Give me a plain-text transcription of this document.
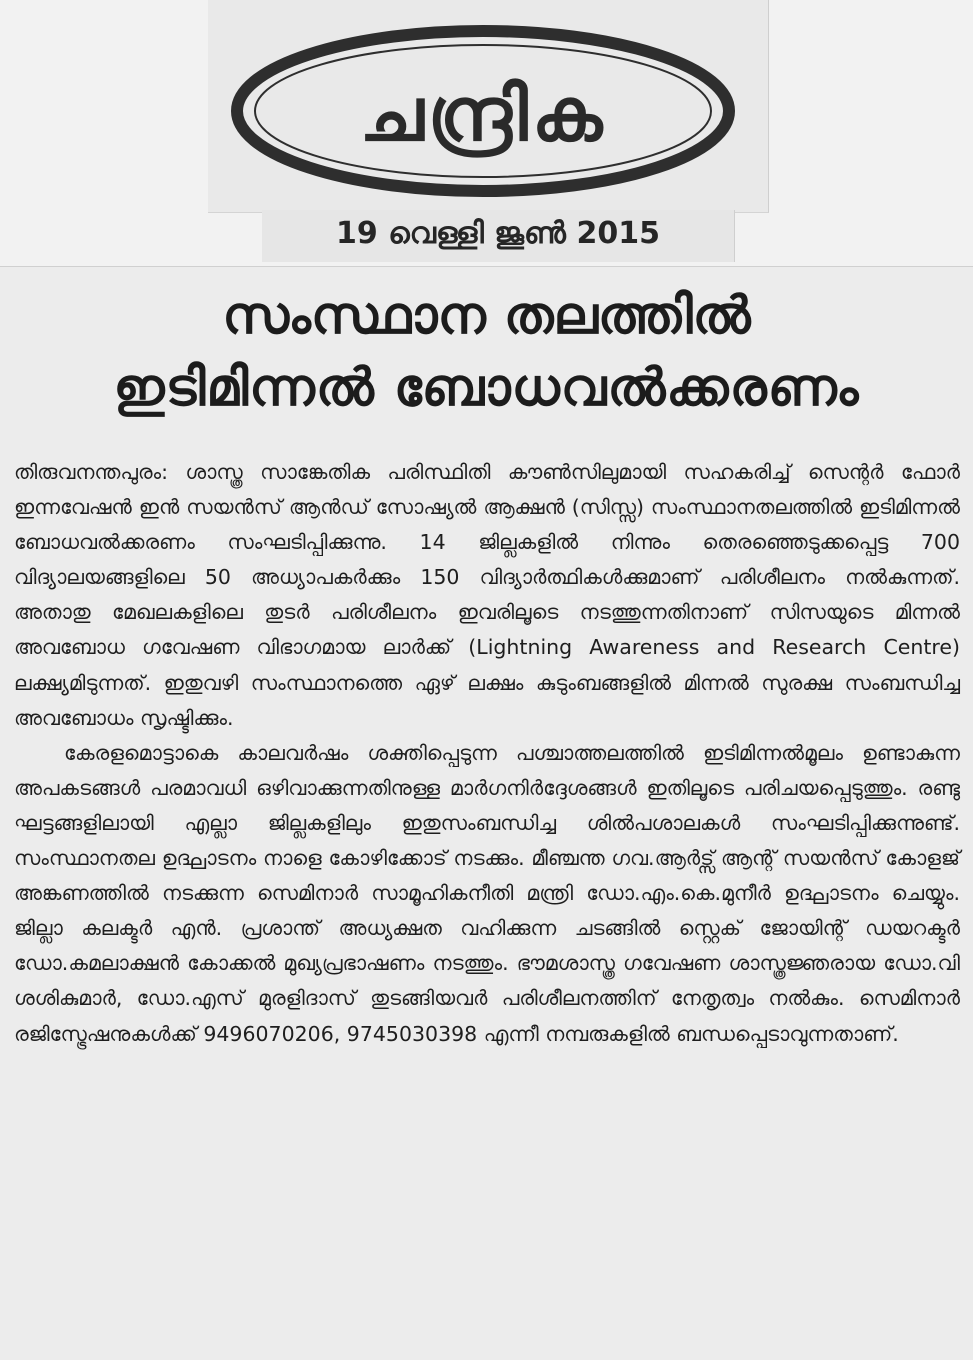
ചന്ദ്രിക
19 വെള്ളി ജൂൺ 2015
സംസ്ഥാന തലത്തിൽ
ഇടിമിന്നൽ ബോധവൽക്കരണം

തിരുവനന്തപുരം: ശാസ്ത്ര സാങ്കേതിക പരിസ്ഥിതി കൗൺസിലുമായി സഹകരിച്ച് സെന്റർ ഫോർ ഇന്നവേഷൻ ഇൻ സയൻസ് ആൻഡ് സോഷ്യൽ ആക്ഷൻ (സിസ്സ) സംസ്ഥാനതലത്തിൽ ഇടിമിന്നൽ ബോധവൽക്കരണം സംഘടിപ്പിക്കുന്നു. 14 ജില്ലകളിൽ നിന്നും തെരഞ്ഞെടുക്കപ്പെട്ട 700 വിദ്യാലയങ്ങളിലെ 50 അധ്യാപകർക്കും 150 വിദ്യാർത്ഥികൾക്കുമാണ് പരിശീലനം നൽകുന്നത്. അതാതു മേഖലകളിലെ തുടർ പരിശീലനം ഇവരിലൂടെ നടത്തുന്നതിനാണ് സിസയുടെ മിന്നൽ അവബോധ ഗവേഷണ വിഭാഗമായ ലാർക്ക് (Lightning Awareness and Research Centre) ലക്ഷ്യമിടുന്നത്. ഇതുവഴി സംസ്ഥാനത്തെ ഏഴ് ലക്ഷം കുടുംബങ്ങളിൽ മിന്നൽ സുരക്ഷ സംബന്ധിച്ച അവബോധം സൃഷ്ടിക്കും.

കേരളമൊട്ടാകെ കാലവർഷം ശക്തിപ്പെടുന്ന പശ്ചാത്തലത്തിൽ ഇടിമിന്നൽമൂലം ഉണ്ടാകുന്ന അപകടങ്ങൾ പരമാവധി ഒഴിവാക്കുന്നതിനുള്ള മാർഗനിർദ്ദേശങ്ങൾ ഇതിലൂടെ പരിചയപ്പെടുത്തും. രണ്ടു ഘട്ടങ്ങളിലായി എല്ലാ ജില്ലകളിലും ഇതുസംബന്ധിച്ച ശിൽപശാലകൾ സംഘടിപ്പിക്കുന്നുണ്ട്. സംസ്ഥാനതല ഉദ്ഘാടനം നാളെ കോഴിക്കോട് നടക്കും. മീഞ്ചന്ത ഗവ.ആർട്സ് ആന്റ് സയൻസ് കോളജ് അങ്കണത്തിൽ നടക്കുന്ന സെമിനാർ സാമൂഹികനീതി മന്ത്രി ഡോ.എം.കെ.മുനീർ ഉദ്ഘാടനം ചെയ്യും. ജില്ലാ കലക്ടർ എൻ. പ്രശാന്ത് അധ്യക്ഷത വഹിക്കുന്ന ചടങ്ങിൽ സ്റ്റെക് ജോയിന്റ് ഡയറക്ടർ ഡോ.കമലാക്ഷൻ കോക്കൽ മുഖ്യപ്രഭാഷണം നടത്തും. ഭൗമശാസ്ത്ര ഗവേഷണ ശാസ്ത്രജ്ഞരായ ഡോ.വി ശശികുമാർ, ഡോ.എസ് മുരളിദാസ് തുടങ്ങിയവർ പരിശീലനത്തിന് നേതൃത്വം നൽകും. സെമിനാർ രജിസ്ട്രേഷനുകൾക്ക് 9496070206, 9745030398 എന്നീ നമ്പരുകളിൽ ബന്ധപ്പെടാവുന്നതാണ്.
